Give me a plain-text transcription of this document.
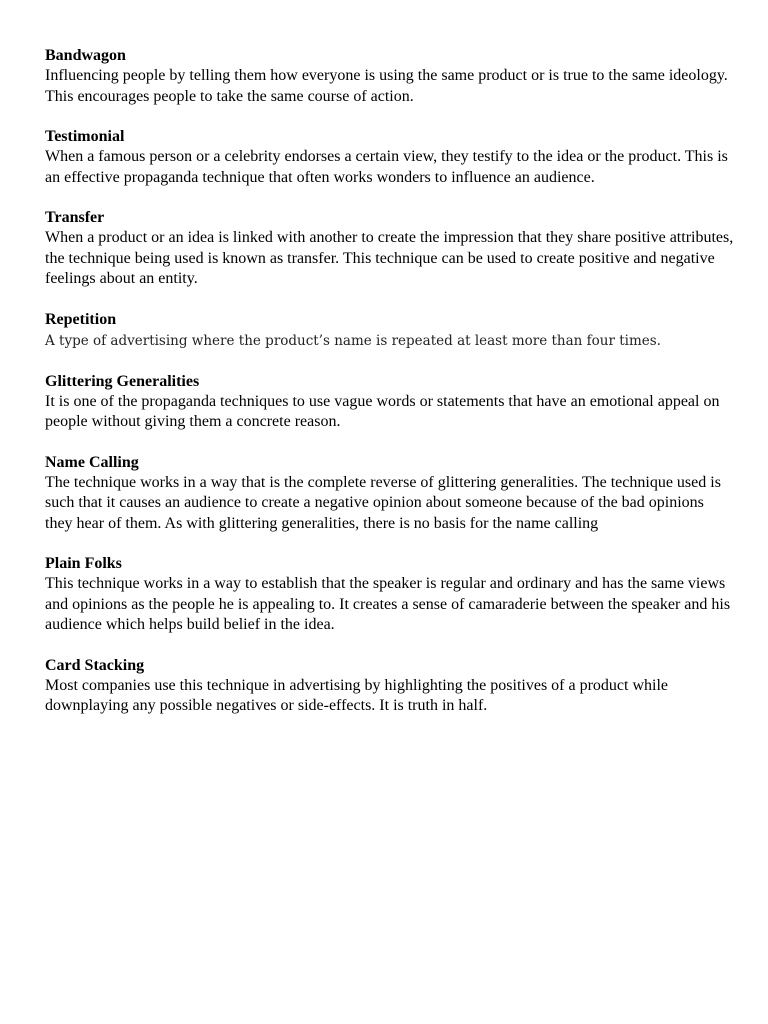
Bandwagon

Influencing people by telling them how everyone is using the same product or is true to the same ideology. This encourages people to take the same course of action.

Testimonial

When a famous person or a celebrity endorses a certain view, they testify to the idea or the product. This is an effective propaganda technique that often works wonders to influence an audience.

Transfer

When a product or an idea is linked with another to create the impression that they share positive attributes, the technique being used is known as transfer. This technique can be used to create positive and negative feelings about an entity.

Repetition

A type of advertising where the product’s name is repeated at least more than four times.

Glittering Generalities

It is one of the propaganda techniques to use vague words or statements that have an emotional appeal on people without giving them a concrete reason.

Name Calling

The technique works in a way that is the complete reverse of glittering generalities. The technique used is such that it causes an audience to create a negative opinion about someone because of the bad opinions they hear of them. As with glittering generalities, there is no basis for the name calling

Plain Folks

This technique works in a way to establish that the speaker is regular and ordinary and has the same views and opinions as the people he is appealing to. It creates a sense of camaraderie between the speaker and his audience which helps build belief in the idea.

Card Stacking

Most companies use this technique in advertising by highlighting the positives of a product while downplaying any possible negatives or side-effects. It is truth in half.
